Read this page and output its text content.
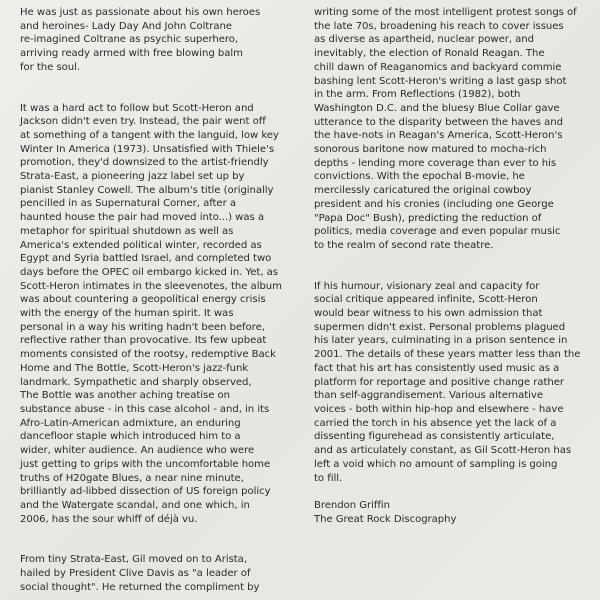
He was just as passionate about his own heroes
and heroines- Lady Day And John Coltrane
re-imagined Coltrane as psychic superhero,
arriving ready armed with free blowing balm
for the soul.
It was a hard act to follow but Scott-Heron and
Jackson didn't even try. Instead, the pair went off
at something of a tangent with the languid, low key
Winter In America (1973). Unsatisfied with Thiele's
promotion, they'd downsized to the artist-friendly
Strata-East, a pioneering jazz label set up by
pianist Stanley Cowell. The album's title (originally
pencilled in as Supernatural Corner, after a
haunted house the pair had moved into...) was a
metaphor for spiritual shutdown as well as
America's extended political winter, recorded as
Egypt and Syria battled Israel, and completed two
days before the OPEC oil embargo kicked in. Yet, as
Scott-Heron intimates in the sleevenotes, the album
was about countering a geopolitical energy crisis
with the energy of the human spirit. It was
personal in a way his writing hadn't been before,
reflective rather than provocative. Its few upbeat
moments consisted of the rootsy, redemptive Back
Home and The Bottle, Scott-Heron's jazz-funk
landmark. Sympathetic and sharply observed,
The Bottle was another aching treatise on
substance abuse - in this case alcohol - and, in its
Afro-Latin-American admixture, an enduring
dancefloor staple which introduced him to a
wider, whiter audience. An audience who were
just getting to grips with the uncomfortable home
truths of H20gate Blues, a near nine minute,
brilliantly ad-libbed dissection of US foreign policy
and the Watergate scandal, and one which, in
2006, has the sour whiff of déjà vu.
From tiny Strata-East, Gil moved on to Arista,
hailed by President Clive Davis as "a leader of
social thought". He returned the compliment by
writing some of the most intelligent protest songs of
the late 70s, broadening his reach to cover issues
as diverse as apartheid, nuclear power, and
inevitably, the election of Ronald Reagan. The
chill dawn of Reaganomics and backyard commie
bashing lent Scott-Heron's writing a last gasp shot
in the arm. From Reflections (1982), both
Washington D.C. and the bluesy Blue Collar gave
utterance to the disparity between the haves and
the have-nots in Reagan's America, Scott-Heron's
sonorous baritone now matured to mocha-rich
depths - lending more coverage than ever to his
convictions. With the epochal B-movie, he
mercilessly caricatured the original cowboy
president and his cronies (including one George
"Papa Doc" Bush), predicting the reduction of
politics, media coverage and even popular music
to the realm of second rate theatre.
If his humour, visionary zeal and capacity for
social critique appeared infinite, Scott-Heron
would bear witness to his own admission that
supermen didn't exist. Personal problems plagued
his later years, culminating in a prison sentence in
2001. The details of these years matter less than the
fact that his art has consistently used music as a
platform for reportage and positive change rather
than self-aggrandisement. Various alternative
voices - both within hip-hop and elsewhere - have
carried the torch in his absence yet the lack of a
dissenting figurehead as consistently articulate,
and as articulately constant, as Gil Scott-Heron has
left a void which no amount of sampling is going
to fill.
Brendon Griffin
The Great Rock Discography
